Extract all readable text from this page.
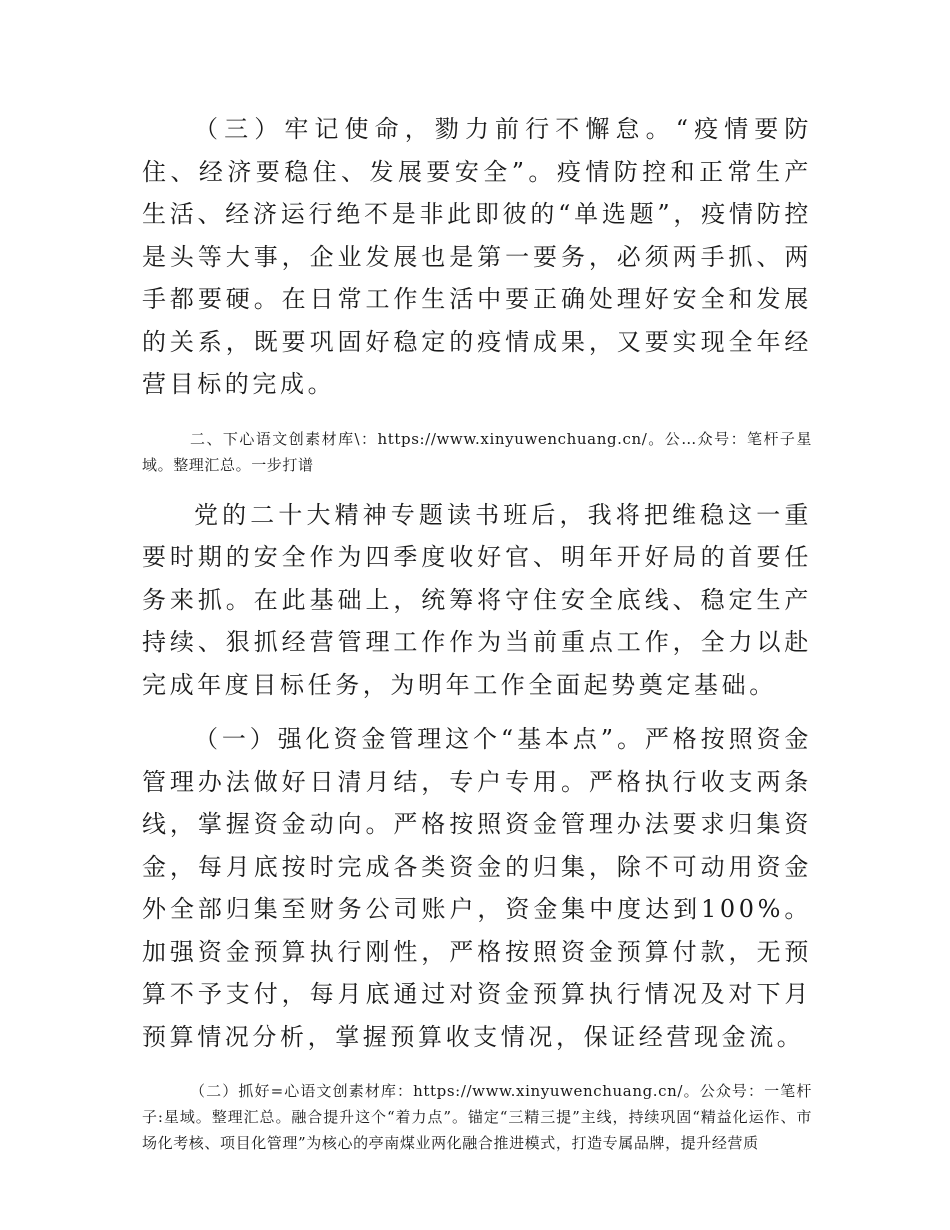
（三）牢记使命，勠力前行不懈怠。“疫情要防住、经济要稳住、发展要安全”。疫情防控和正常生产生活、经济运行绝不是非此即彼的“单选题”，疫情防控是头等大事，企业发展也是第一要务，必须两手抓、两手都要硬。在日常工作生活中要正确处理好安全和发展的关系，既要巩固好稳定的疫情成果，又要实现全年经营目标的完成。

二、下心语文创素材库\：https://www.xinyuwenchuang.cn/。公…众号：笔杆子星域。整理汇总。一步打谱

党的二十大精神专题读书班后，我将把维稳这一重要时期的安全作为四季度收好官、明年开好局的首要任务来抓。在此基础上，统筹将守住安全底线、稳定生产持续、狠抓经营管理工作作为当前重点工作，全力以赴完成年度目标任务，为明年工作全面起势奠定基础。

（一）强化资金管理这个“基本点”。严格按照资金管理办法做好日清月结，专户专用。严格执行收支两条线，掌握资金动向。严格按照资金管理办法要求归集资金，每月底按时完成各类资金的归集，除不可动用资金外全部归集至财务公司账户，资金集中度达到100%。加强资金预算执行刚性，严格按照资金预算付款，无预算不予支付，每月底通过对资金预算执行情况及对下月预算情况分析，掌握预算收支情况，保证经营现金流。

（二）抓好=心语文创素材库：https://www.xinyuwenchuang.cn/。公众号：一笔杆子:星域。整理汇总。融合提升这个“着力点”。锚定“三精三提”主线，持续巩固“精益化运作、市场化考核、项目化管理”为核心的亭南煤业两化融合推进模式，打造专属品牌，提升经营质
